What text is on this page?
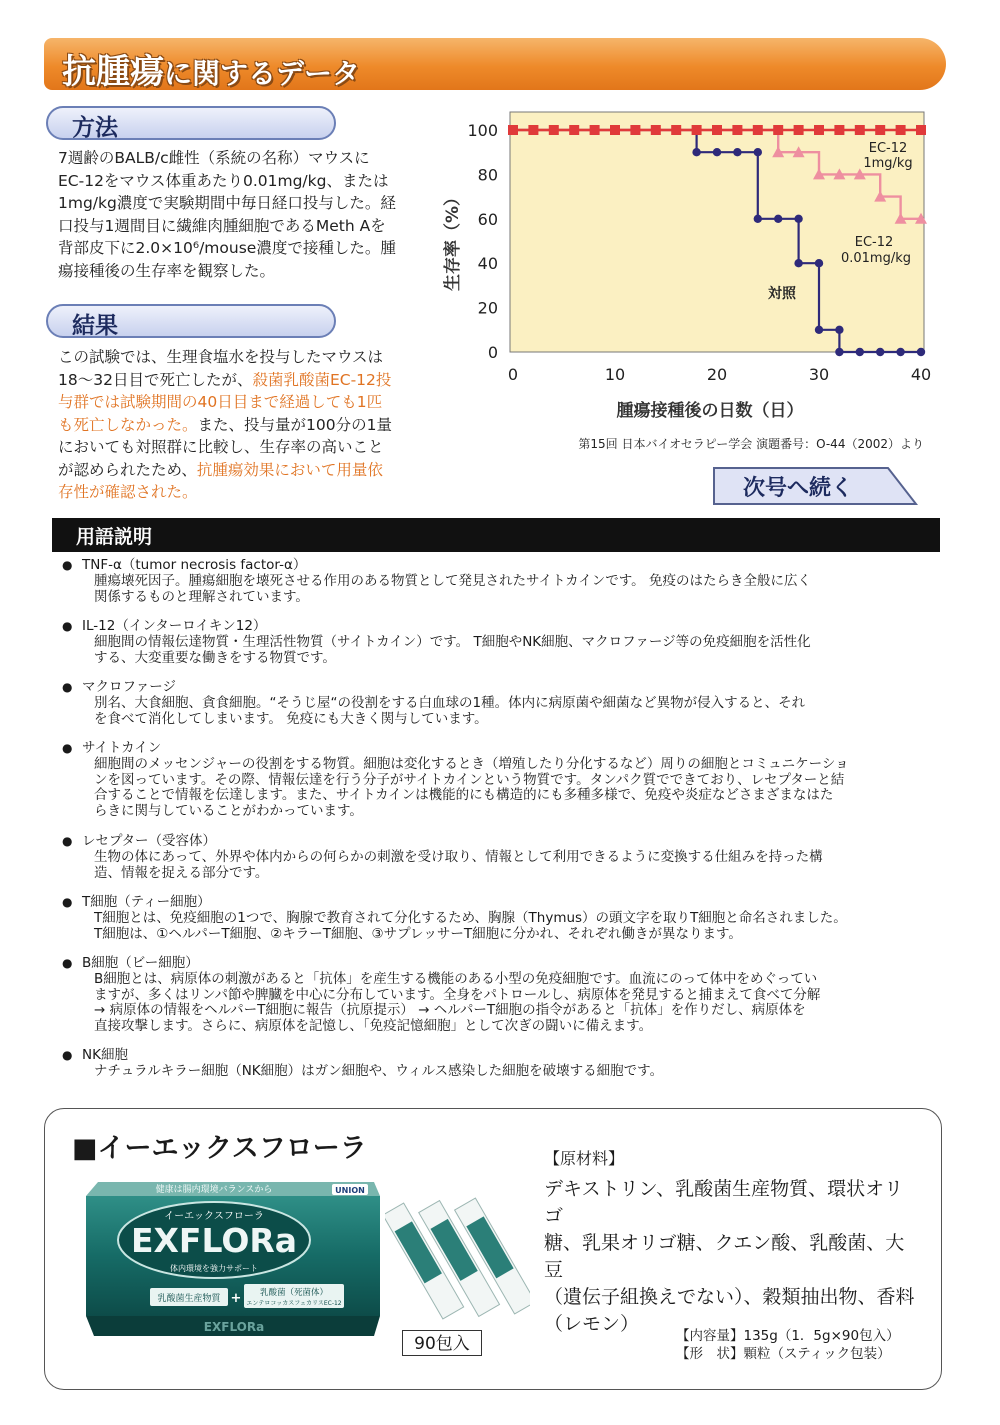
抗腫瘍に関するデータ
方法
7週齢のBALB/c雌性（系統の名称）マウスに
EC-12をマウス体重あたり0.01mg/kg、または
1mg/kg濃度で実験期間中毎日経口投与した。経
口投与1週間目に繊維肉腫細胞であるMeth Aを
背部皮下に2.0×10⁶/mouse濃度で接種した。腫
瘍接種後の生存率を観察した。
結果
この試験では、生理食塩水を投与したマウスは
18～32日目で死亡したが、殺菌乳酸菌EC-12投
与群では試験期間の40日目まで経過しても1匹
も死亡しなかった。また、投与量が100分の1量
においても対照群に比較し、生存率の高いこと
が認められたため、抗腫瘍効果において用量依
存性が確認された。
0
20
40
60
80
100
0	10	20	30	40
生存率（%）
腫瘍接種後の日数（日）
EC-12
1mg/kg
EC-12
0.01mg/kg
対照
第15回 日本バイオセラピー学会 演題番号：O-44（2002）より
次号へ続く
用語説明
● TNF-α（tumor necrosis factor-α）
腫瘍壊死因子。腫瘍細胞を壊死させる作用のある物質として発見されたサイトカインです。 免疫のはたらき全般に広く
関係するものと理解されています。
● IL-12（インターロイキン12）
細胞間の情報伝達物質・生理活性物質（サイトカイン）です。 T細胞やNK細胞、マクロファージ等の免疫細胞を活性化
する、大変重要な働きをする物質です。
● マクロファージ
別名、大食細胞、貪食細胞。“そうじ屋“の役割をする白血球の1種。体内に病原菌や細菌など異物が侵入すると、それ
を食べて消化してしまいます。 免疫にも大きく関与しています。
● サイトカイン
細胞間のメッセンジャーの役割をする物質。細胞は変化するとき（増殖したり分化するなど）周りの細胞とコミュニケーショ
ンを図っています。その際、情報伝達を行う分子がサイトカインという物質です。タンパク質でできており、レセプターと結
合することで情報を伝達します。また、サイトカインは機能的にも構造的にも多種多様で、免疫や炎症などさまざまなはた
らきに関与していることがわかっています。
● レセプター（受容体）
生物の体にあって、外界や体内からの何らかの刺激を受け取り、情報として利用できるように変換する仕組みを持った構
造、情報を捉える部分です。
● T細胞（ティー細胞）
T細胞とは、免疫細胞の1つで、胸腺で教育されて分化するため、胸腺（Thymus）の頭文字を取りT細胞と命名されました。
T細胞は、①ヘルパーT細胞、②キラーT細胞、③サプレッサーT細胞に分かれ、それぞれ働きが異なります。
● B細胞（ビー細胞）
B細胞とは、病原体の刺激があると「抗体」を産生する機能のある小型の免疫細胞です。血流にのって体中をめぐってい
ますが、多くはリンパ節や脾臓を中心に分布しています。全身をパトロールし、病原体を発見すると捕まえて食べて分解
→ 病原体の情報をヘルパーT細胞に報告（抗原提示） → ヘルパーT細胞の指令があると「抗体」を作りだし、病原体を
直接攻撃します。さらに、病原体を記憶し、「免疫記憶細胞」として次ぎの闘いに備えます。
● NK細胞
ナチュラルキラー細胞（NK細胞）はガン細胞や、ウィルス感染した細胞を破壊する細胞です。
■イーエックスフローラ
健康は腸内環境バランスから	UNION
イーエックスフローラ
EXFLORa
体内環境を強力サポート
乳酸菌生産物質 + 乳酸菌（死菌体）
エンテロコッカスフェカリスEC-12
EXFLORa
90包入
【原材料】
デキストリン、乳酸菌生産物質、環状オリゴ
糖、乳果オリゴ糖、クエン酸、乳酸菌、大豆
（遺伝子組換えでない）、穀類抽出物、香料
（レモン）
【内容量】135g（1．5g×90包入）
【形　状】顆粒（スティック包装）
